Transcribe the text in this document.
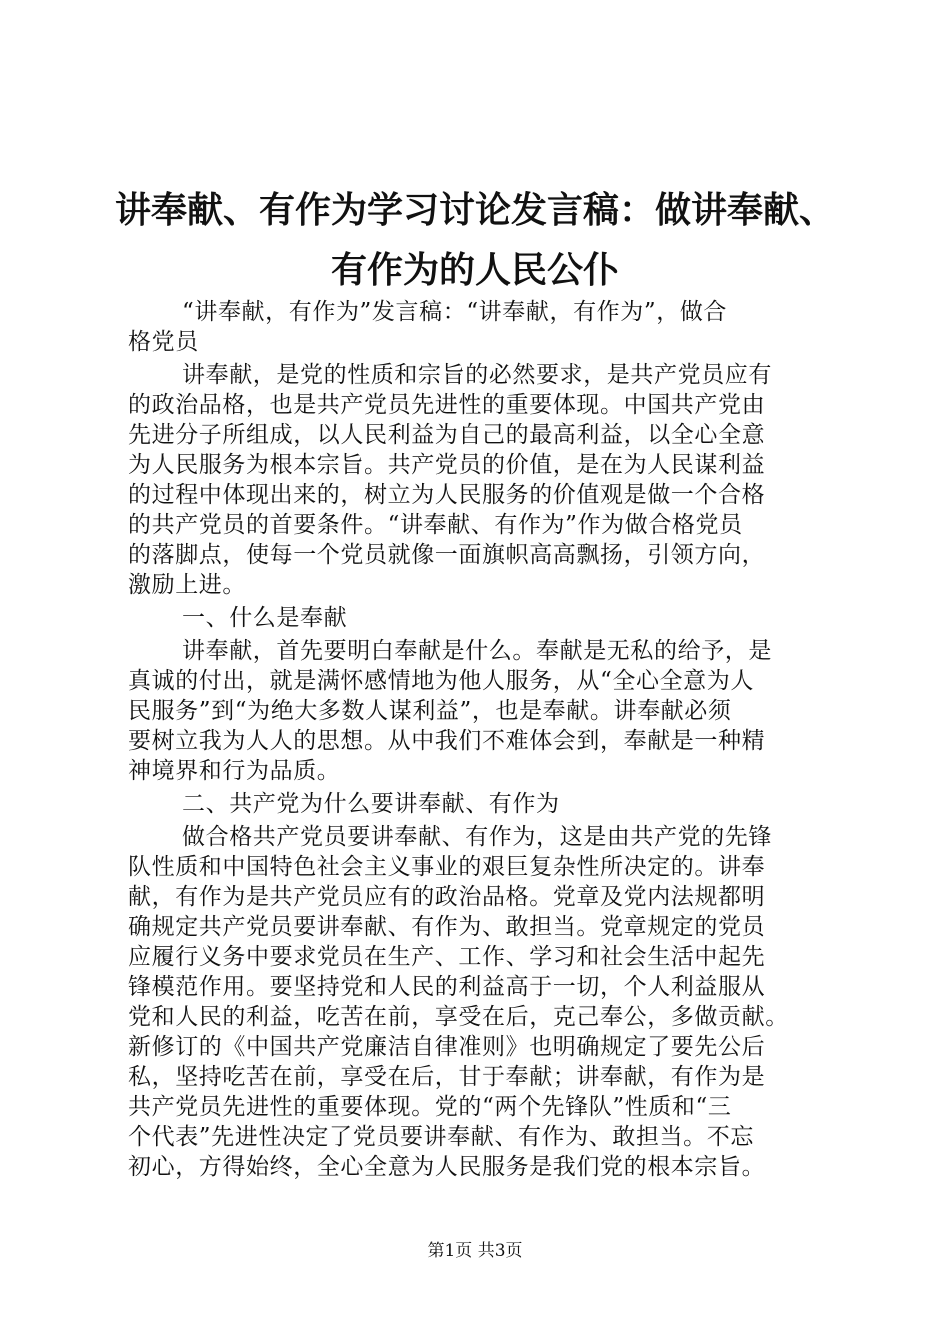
讲奉献、有作为学习讨论发言稿：做讲奉献、
有作为的人民公仆
“讲奉献，有作为”发言稿：“讲奉献，有作为”，做合
格党员
讲奉献，是党的性质和宗旨的必然要求，是共产党员应有
的政治品格，也是共产党员先进性的重要体现。中国共产党由
先进分子所组成，以人民利益为自己的最高利益，以全心全意
为人民服务为根本宗旨。共产党员的价值，是在为人民谋利益
的过程中体现出来的，树立为人民服务的价值观是做一个合格
的共产党员的首要条件。“讲奉献、有作为”作为做合格党员
的落脚点，使每一个党员就像一面旗帜高高飘扬，引领方向，
激励上进。
一、什么是奉献
讲奉献，首先要明白奉献是什么。奉献是无私的给予，是
真诚的付出，就是满怀感情地为他人服务，从“全心全意为人
民服务”到“为绝大多数人谋利益”，也是奉献。讲奉献必须
要树立我为人人的思想。从中我们不难体会到，奉献是一种精
神境界和行为品质。
二、共产党为什么要讲奉献、有作为
做合格共产党员要讲奉献、有作为，这是由共产党的先锋
队性质和中国特色社会主义事业的艰巨复杂性所决定的。讲奉
献，有作为是共产党员应有的政治品格。党章及党内法规都明
确规定共产党员要讲奉献、有作为、敢担当。党章规定的党员
应履行义务中要求党员在生产、工作、学习和社会生活中起先
锋模范作用。要坚持党和人民的利益高于一切，个人利益服从
党和人民的利益，吃苦在前，享受在后，克己奉公，多做贡献。
新修订的《中国共产党廉洁自律准则》也明确规定了要先公后
私，坚持吃苦在前，享受在后，甘于奉献；讲奉献，有作为是
共产党员先进性的重要体现。党的“两个先锋队”性质和“三
个代表”先进性决定了党员要讲奉献、有作为、敢担当。不忘
初心，方得始终，全心全意为人民服务是我们党的根本宗旨。
第1页 共3页
